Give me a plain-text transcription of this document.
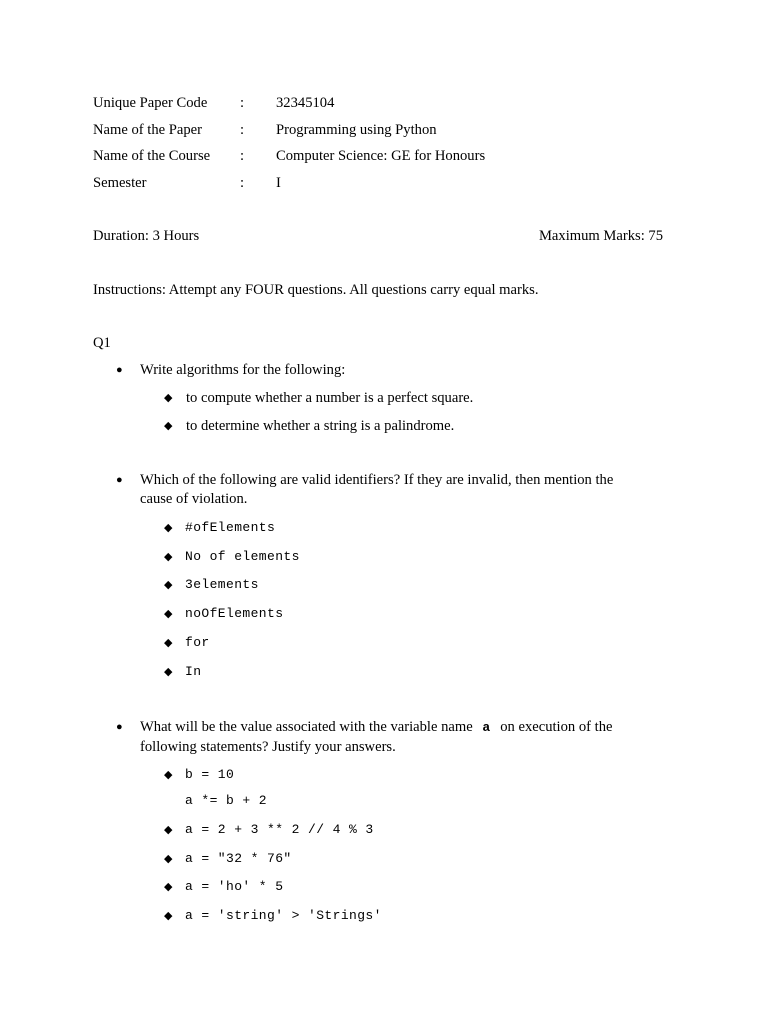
Unique Paper Code : 32345104
Name of the Paper	: Programming using Python
Name of the Course : Computer Science: GE for Honours
Semester	: I
Duration: 3 Hours	Maximum Marks: 75
Instructions: Attempt any FOUR questions. All questions carry equal marks.
Q1
● Write algorithms for the following:
◆ to compute whether a number is a perfect square.
◆ to determine whether a string is a palindrome.
● Which of the following are valid identifiers? If they are invalid, then mention the
cause of violation.
◆ #ofElements
◆ No of elements
◆ 3elements
◆ noOfElements
◆ for
◆ In
● What will be the value associated with the variable name a on execution of the
following statements? Justify your answers.
◆ b = 10
a *= b + 2
◆ a = 2 + 3 ** 2 // 4 % 3
◆ a = "32 * 76"
◆ a = 'ho' * 5
◆ a = 'string' > 'Strings'
